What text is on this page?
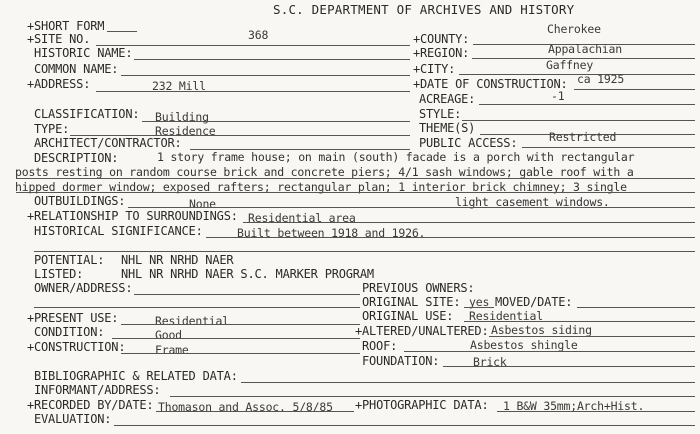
S.C. DEPARTMENT OF ARCHIVES AND HISTORY
+SHORT FORM
+SITE NO.	368
HISTORIC NAME:
COMMON NAME:
+ADDRESS:	232 Mill
+COUNTY:
Cherokee
+REGION:	Appalachian
+CITY:	Gaffney
+DATE OF CONSTRUCTION: ca 1925
ACREAGE:	-1
CLASSIFICATION: Building
TYPE:	Residence
ARCHITECT/CONTRACTOR:
STYLE:
THEME(S)
PUBLIC ACCESS:	Restricted
DESCRIPTION:	1 story frame house; on main (south) facade is a porch with rectangular
posts resting on random course brick and concrete piers; 4/1 sash windows; gable roof with a
hipped dormer window; exposed rafters; rectangular plan; 1 interior brick chimney; 3 single
light casement windows.
OUTBUILDINGS:	None
+RELATIONSHIP TO SURROUNDINGS: Residential area
HISTORICAL SIGNIFICANCE:	Built between 1918 and 1926.
POTENTIAL: NHL NR NRHD NAER
LISTED:	NHL NR NRHD NAER S.C. MARKER PROGRAM
OWNER/ADDRESS:	PREVIOUS OWNERS:
ORIGINAL SITE: yes MOVED/DATE:
+PRESENT USE:	Residential	ORIGINAL USE: Residential
CONDITION:	Good	+ALTERED/UNALTERED: Asbestos siding
+CONSTRUCTION:	Frame	ROOF:	Asbestos shingle
FOUNDATION:	Brick
BIBLIOGRAPHIC & RELATED DATA:
INFORMANT/ADDRESS:
+RECORDED BY/DATE: Thomason and Assoc. 5/8/85 +PHOTOGRAPHIC DATA: 1 B&W 35mm;Arch+Hist.
EVALUATION:
